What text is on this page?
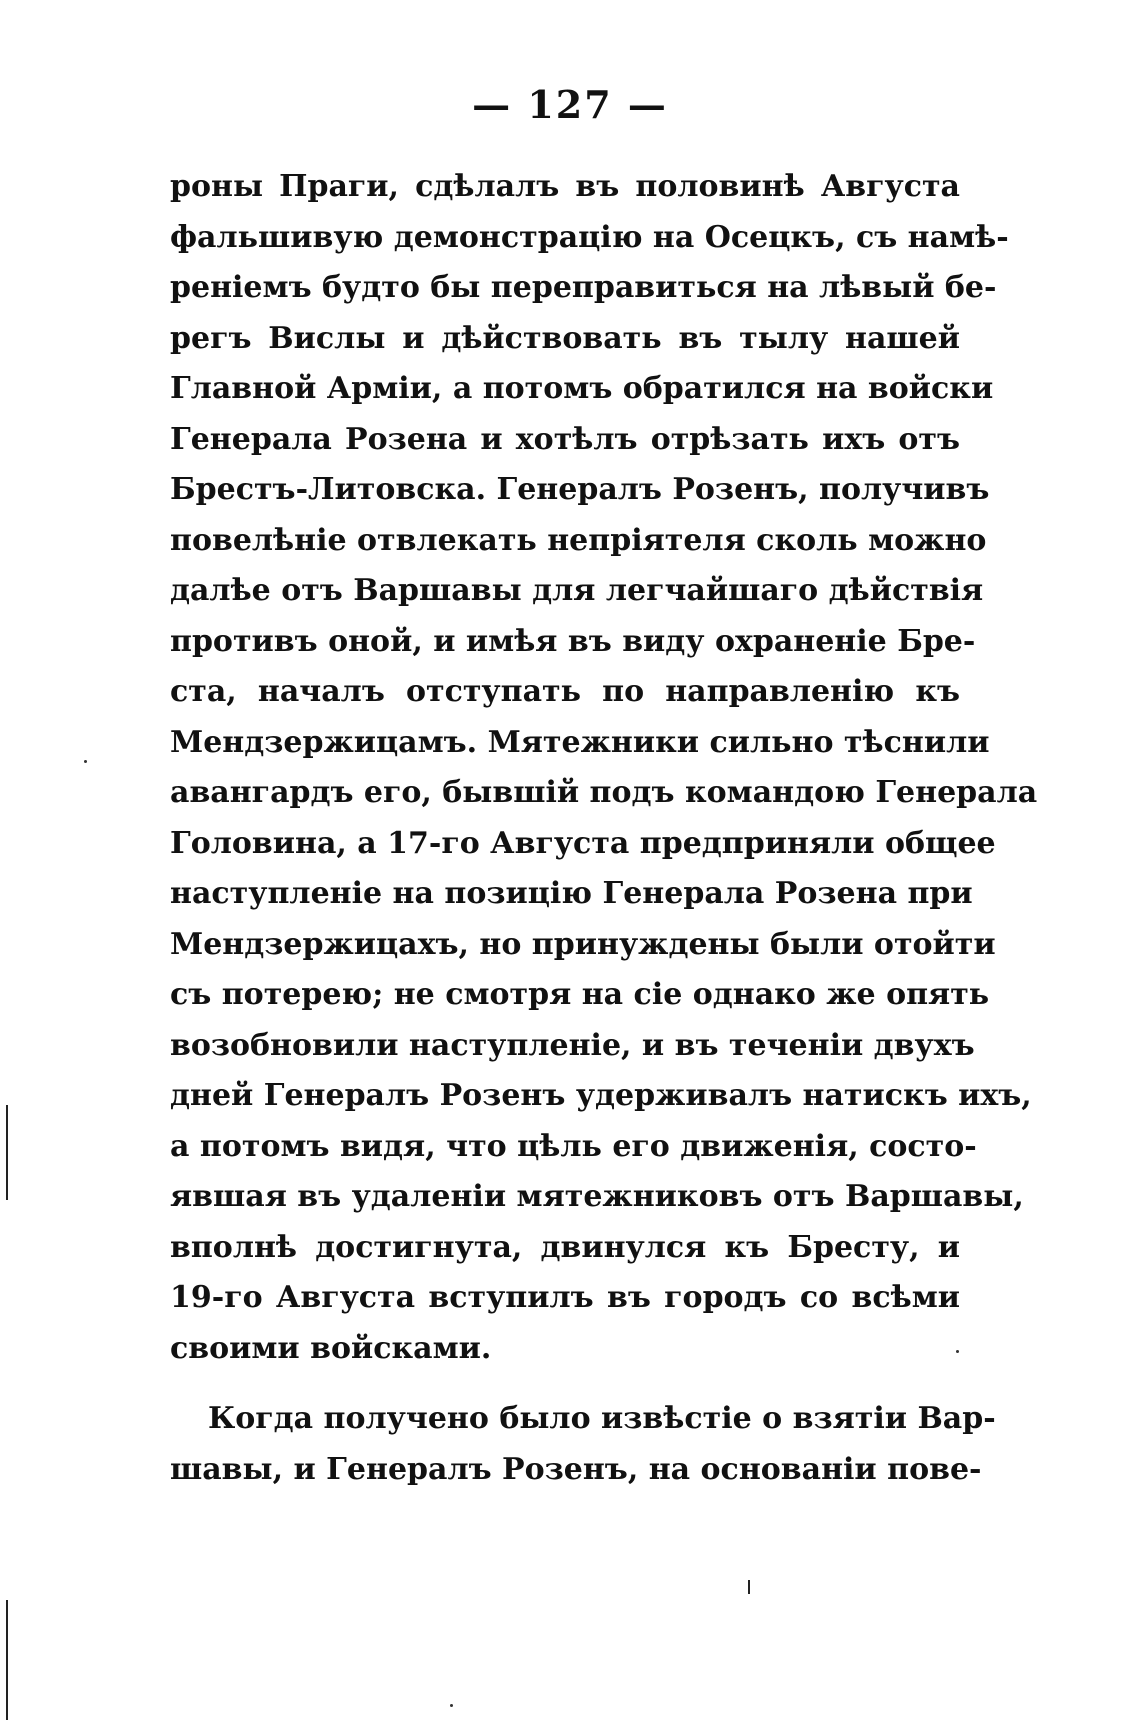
— 127 —
роны Праги, сдѣлалъ въ половинѣ Августа
фальшивую демонстрацію на Осецкъ, съ намѣ-
реніемъ будто бы переправиться на лѣвый бе-
регъ Вислы и дѣйствовать въ тылу нашей
Главной Арміи, а потомъ обратился на войски
Генерала Розена и хотѣлъ отрѣзать ихъ отъ
Брестъ-Литовска. Генералъ Розенъ, получивъ
повелѣніе отвлекать непріятеля сколь можно
далѣе отъ Варшавы для легчайшаго дѣйствія
противъ оной, и имѣя въ виду охраненіе Бре-
ста, началъ отступать по направленію къ
Мендзержицамъ. Мятежники сильно тѣснили
авангардъ его, бывшій подъ командою Генерала
Головина, а 17-го Августа предприняли общее
наступленіе на позицію Генерала Розена при
Мендзержицахъ, но принуждены были отойти
съ потерею; не смотря на сіе однако же опять
возобновили наступленіе, и въ теченіи двухъ
дней Генералъ Розенъ удерживалъ натискъ ихъ,
а потомъ видя, что цѣль его движенія, состо-
явшая въ удаленіи мятежниковъ отъ Варшавы,
вполнѣ достигнута, двинулся къ Бресту, и
19-го Августа вступилъ въ городъ со всѣми
своими войсками.
Когда получено было извѣстіе о взятіи Вар-
шавы, и Генералъ Розенъ, на основаніи пове-
